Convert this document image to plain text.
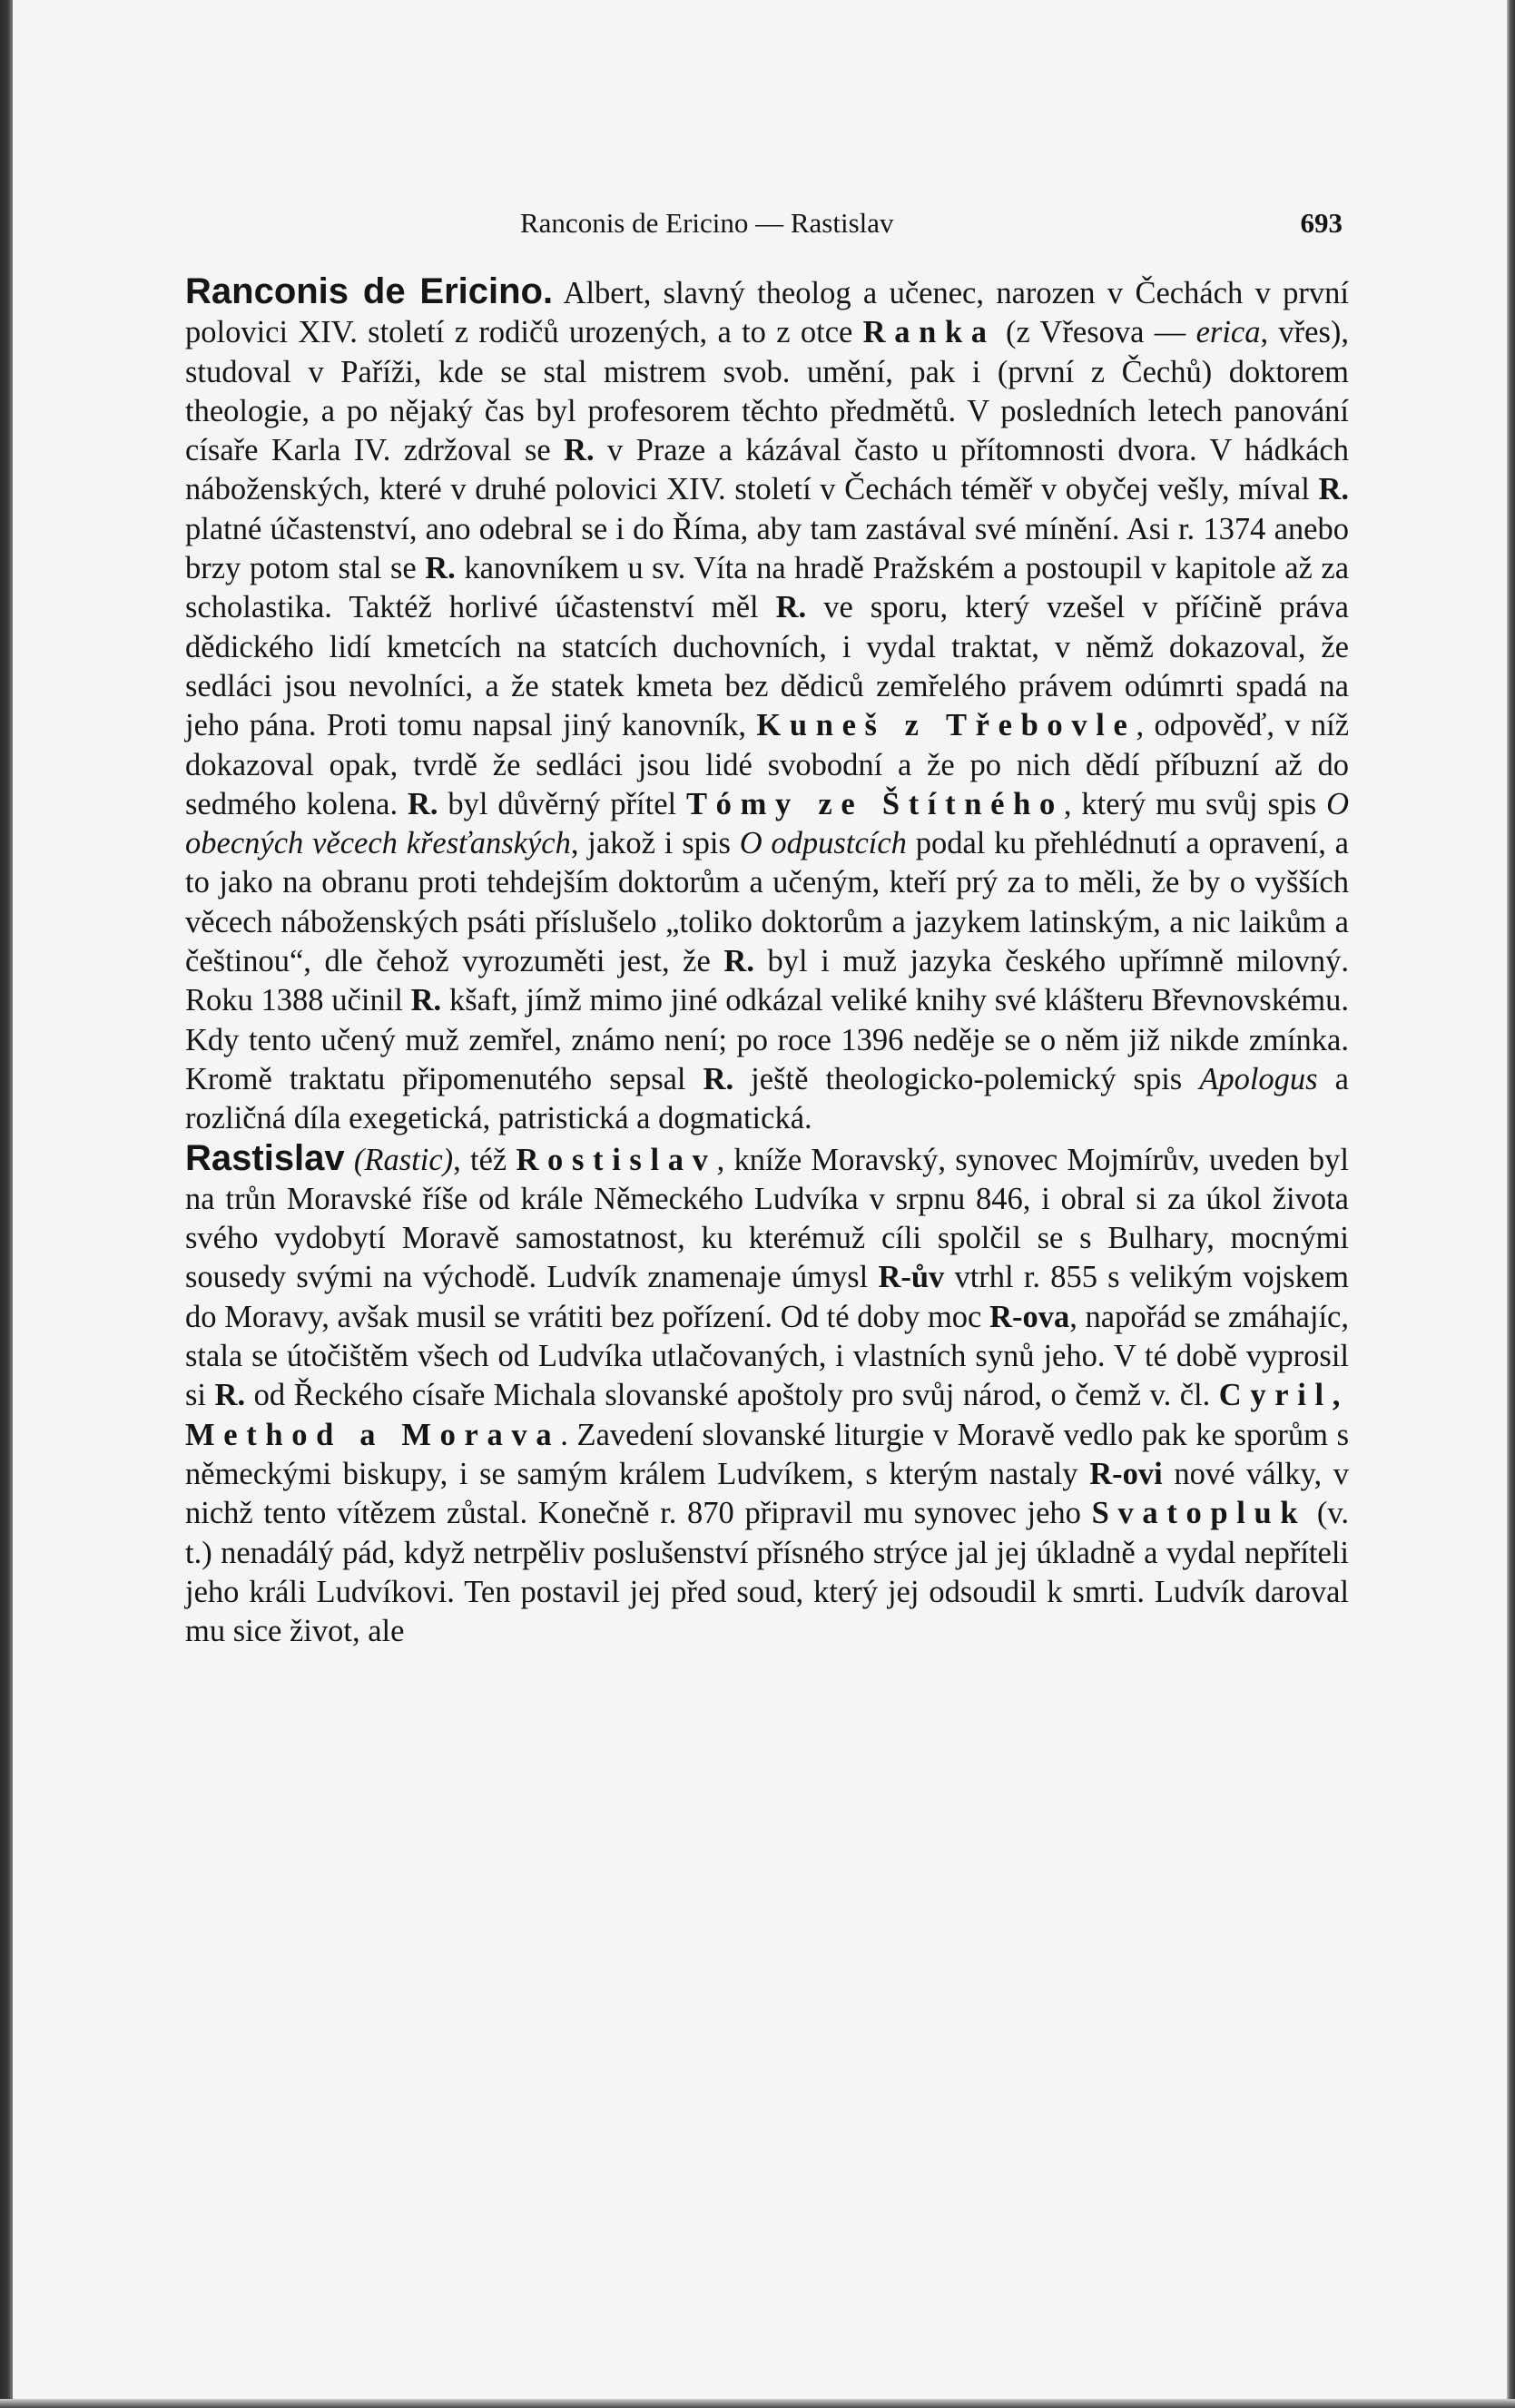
Ranconis de Ericino — Rastislav	693

Ranconis de Ericino. Albert, slavný theolog a učenec, narozen v Čechách v první polovici XIV. století z rodičů urozených, a to z otce Ranka (z Vřesova — erica, vřes), studoval v Paříži, kde se stal mistrem svob. umění, pak i (první z Čechů) doktorem theologie, a po nějaký čas byl profesorem těchto předmětů. V posledních letech panování císaře Karla IV. zdržoval se R. v Praze a kázával často u přítomnosti dvora. V hádkách náboženských, které v druhé polovici XIV. století v Čechách téměř v obyčej vešly, míval R. platné účastenství, ano odebral se i do Říma, aby tam zastával své mínění. Asi r. 1374 anebo brzy potom stal se R. kanovníkem u sv. Víta na hradě Pražském a postoupil v kapitole až za scholastika. Taktéž horlivé účastenství měl R. ve sporu, který vzešel v příčině práva dědického lidí kmetcích na statcích duchovních, i vydal traktat, v němž dokazoval, že sedláci jsou nevolníci, a že statek kmeta bez dědiců zemřelého právem odúmrti spadá na jeho pána. Proti tomu napsal jiný kanovník, Kuneš z Třebovle, odpověď, v níž dokazoval opak, tvrdě že sedláci jsou lidé svobodní a že po nich dědí příbuzní až do sedmého kolena. R. byl důvěrný přítel Tómy ze Štítného, který mu svůj spis O obecných věcech křesťanských, jakož i spis O odpustcích podal ku přehlédnutí a opravení, a to jako na obranu proti tehdejším doktorům a učeným, kteří prý za to měli, že by o vyšších věcech náboženských psáti příslušelo „toliko doktorům a jazykem latinským, a nic laikům a češtinou“, dle čehož vyrozuměti jest, že R. byl i muž jazyka českého upřímně milovný. Roku 1388 učinil R. kšaft, jímž mimo jiné odkázal veliké knihy své klášteru Břevnovskému. Kdy tento učený muž zemřel, známo není; po roce 1396 neděje se o něm již nikde zmínka. Kromě traktatu připomenutého sepsal R. ještě theologicko-polemický spis Apologus a rozličná díla exegetická, patristická a dogmatická.

Rastislav (Rastic), též Rostislav, kníže Moravský, synovec Mojmírův, uveden byl na trůn Moravské říše od krále Německého Ludvíka v srpnu 846, i obral si za úkol života svého vydobytí Moravě samostatnost, ku kterémuž cíli spolčil se s Bulhary, mocnými sousedy svými na východě. Ludvík znamenaje úmysl R-ův vtrhl r. 855 s velikým vojskem do Moravy, avšak musil se vrátiti bez pořízení. Od té doby moc R-ova, napořád se zmáhajíc, stala se útočištěm všech od Ludvíka utlačovaných, i vlastních synů jeho. V té době vyprosil si R. od Řeckého císaře Michala slovanské apoštoly pro svůj národ, o čemž v. čl. Cyril, Method a Morava. Zavedení slovanské liturgie v Moravě vedlo pak ke sporům s německými biskupy, i se samým králem Ludvíkem, s kterým nastaly R-ovi nové války, v nichž tento vítězem zůstal. Konečně r. 870 připravil mu synovec jeho Svatopluk (v. t.) nenadálý pád, když netrpěliv poslušenství přísného strýce jal jej úkladně a vydal nepříteli jeho králi Ludvíkovi. Ten postavil jej před soud, který jej odsoudil k smrti. Ludvík daroval mu sice život, ale
